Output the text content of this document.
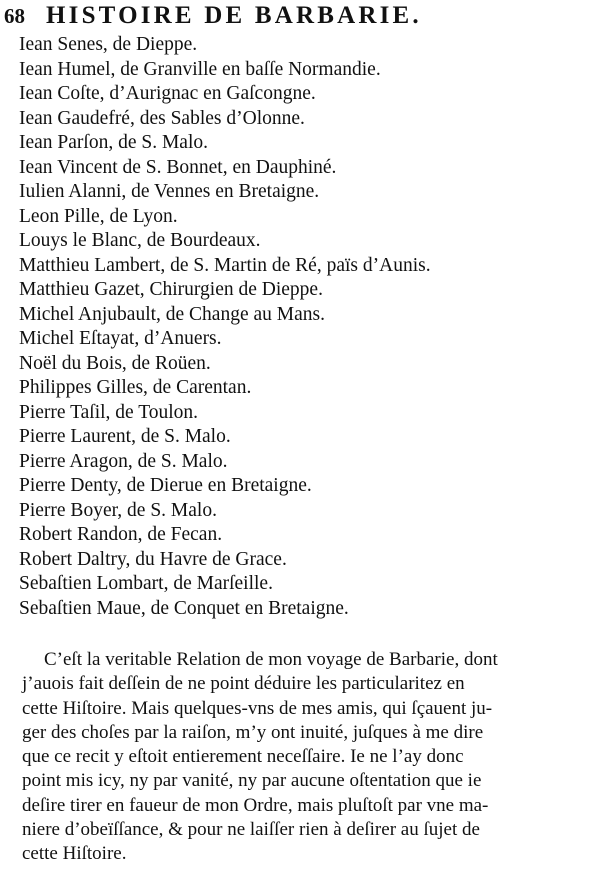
68 HISTOIRE DE BARBARIE.
Iean Senes, de Dieppe.
Iean Humel, de Granville en baſſe Normandie.
Iean Coſte, d’Aurignac en Gaſcongne.
Iean Gaudefré, des Sables d’Olonne.
Iean Parſon, de S. Malo.
Iean Vincent de S. Bonnet, en Dauphiné.
Iulien Alanni, de Vennes en Bretaigne.
Leon Pille, de Lyon.
Louys le Blanc, de Bourdeaux.
Matthieu Lambert, de S. Martin de Ré, païs d’Aunis.
Matthieu Gazet, Chirurgien de Dieppe.
Michel Anjubault, de Change au Mans.
Michel Eſtayat, d’Anuers.
Noël du Bois, de Roüen.
Philippes Gilles, de Carentan.
Pierre Taſil, de Toulon.
Pierre Laurent, de S. Malo.
Pierre Aragon, de S. Malo.
Pierre Denty, de Dierue en Bretaigne.
Pierre Boyer, de S. Malo.
Robert Randon, de Fecan.
Robert Daltry, du Havre de Grace.
Sebaſtien Lombart, de Marſeille.
Sebaſtien Maue, de Conquet en Bretaigne.

C’eſt la veritable Relation de mon voyage de Barbarie, dont
j’auois fait deſſein de ne point déduire les particularitez en
cette Hiſtoire. Mais quelques-vns de mes amis, qui ſçauent ju-
ger des choſes par la raiſon, m’y ont inuité, juſques à me dire
que ce recit y eſtoit entierement neceſſaire. Ie ne l’ay donc
point mis icy, ny par vanité, ny par aucune oſtentation que ie
deſire tirer en faueur de mon Ordre, mais pluſtoſt par vne ma-
niere d’obeïſſance, & pour ne laiſſer rien à deſirer au ſujet de
cette Hiſtoire.
